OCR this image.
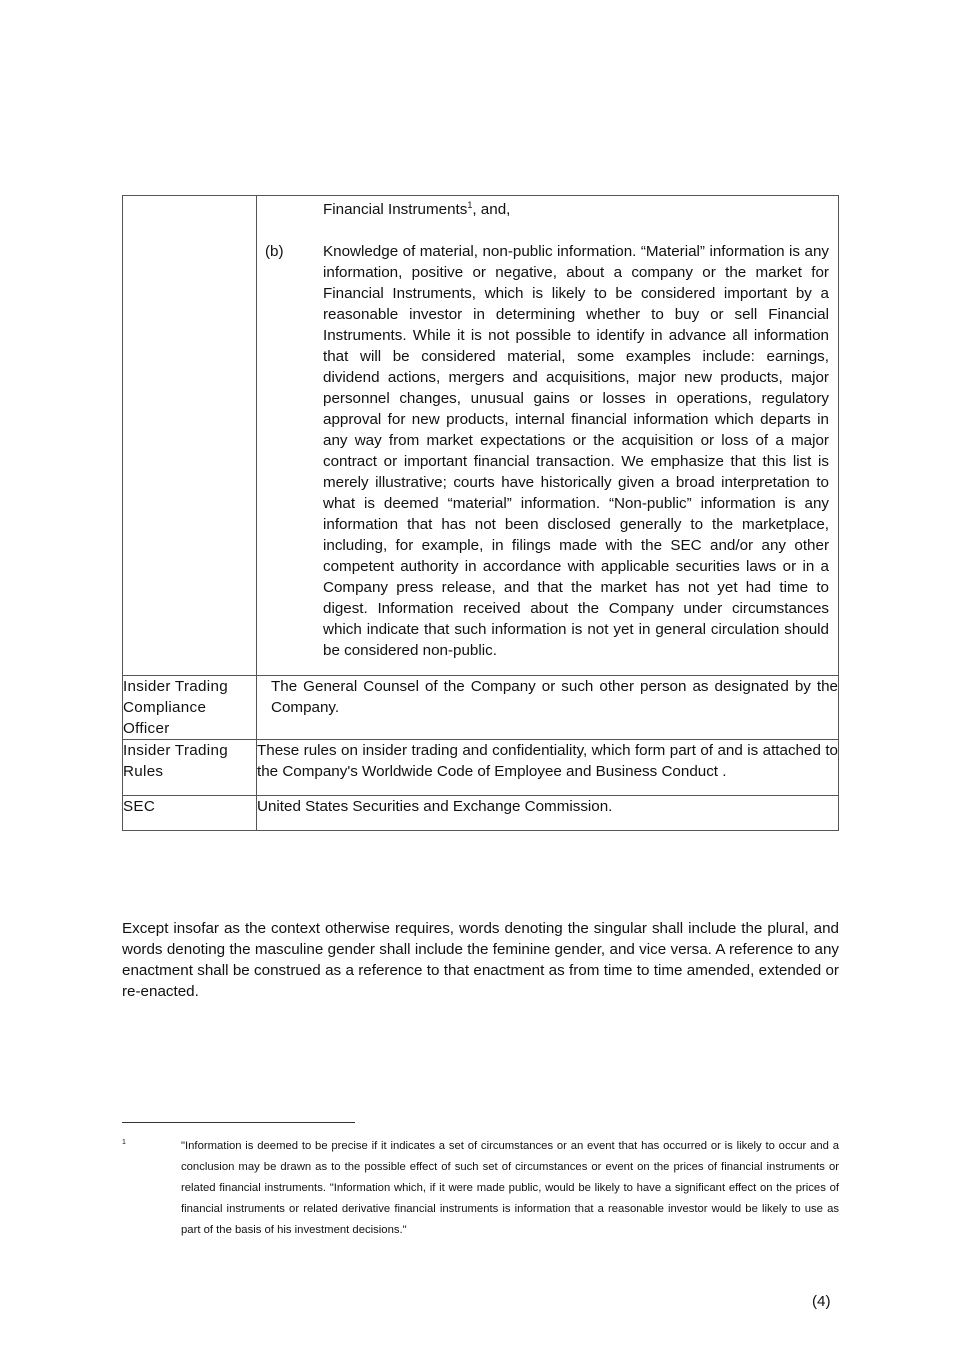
	Financial Instruments$^1$, and,
(b) Knowledge of material, non-public information. “Material” information is any information, positive or negative, about a company or the market for Financial Instruments, which is likely to be considered important by a reasonable investor in determining whether to buy or sell Financial Instruments. While it is not possible to identify in advance all information that will be considered material, some examples include: earnings, dividend actions, mergers and acquisitions, major new products, major personnel changes, unusual gains or losses in operations, regulatory approval for new products, internal financial information which departs in any way from market expectations or the acquisition or loss of a major contract or important financial transaction. We emphasize that this list is merely illustrative; courts have historically given a broad interpretation to what is deemed “material” information. “Non-public” information is any information that has not been disclosed generally to the marketplace, including, for example, in filings made with the SEC and/or any other competent authority in accordance with applicable securities laws or in a Company press release, and that the market has not yet had time to digest. Information received about the Company under circumstances which indicate that such information is not yet in general circulation should be considered non-public.

Insider Trading Compliance Officer	The General Counsel of the Company or such other person as designated by the Company.
Insider Trading Rules	These rules on insider trading and confidentiality, which form part of and is attached to the Company's Worldwide Code of Employee and Business Conduct .
SEC	United States Securities and Exchange Commission.

Except insofar as the context otherwise requires, words denoting the singular shall include the plural, and words denoting the masculine gender shall include the feminine gender, and vice versa. A reference to any enactment shall be construed as a reference to that enactment as from time to time amended, extended or re-enacted.

1	"Information is deemed to be precise if it indicates a set of circumstances or an event that has occurred or is likely to occur and a conclusion may be drawn as to the possible effect of such set of circumstances or event on the prices of financial instruments or related financial instruments. "Information which, if it were made public, would be likely to have a significant effect on the prices of financial instruments or related derivative financial instruments is information that a reasonable investor would be likely to use as part of the basis of his investment decisions."
(4)
